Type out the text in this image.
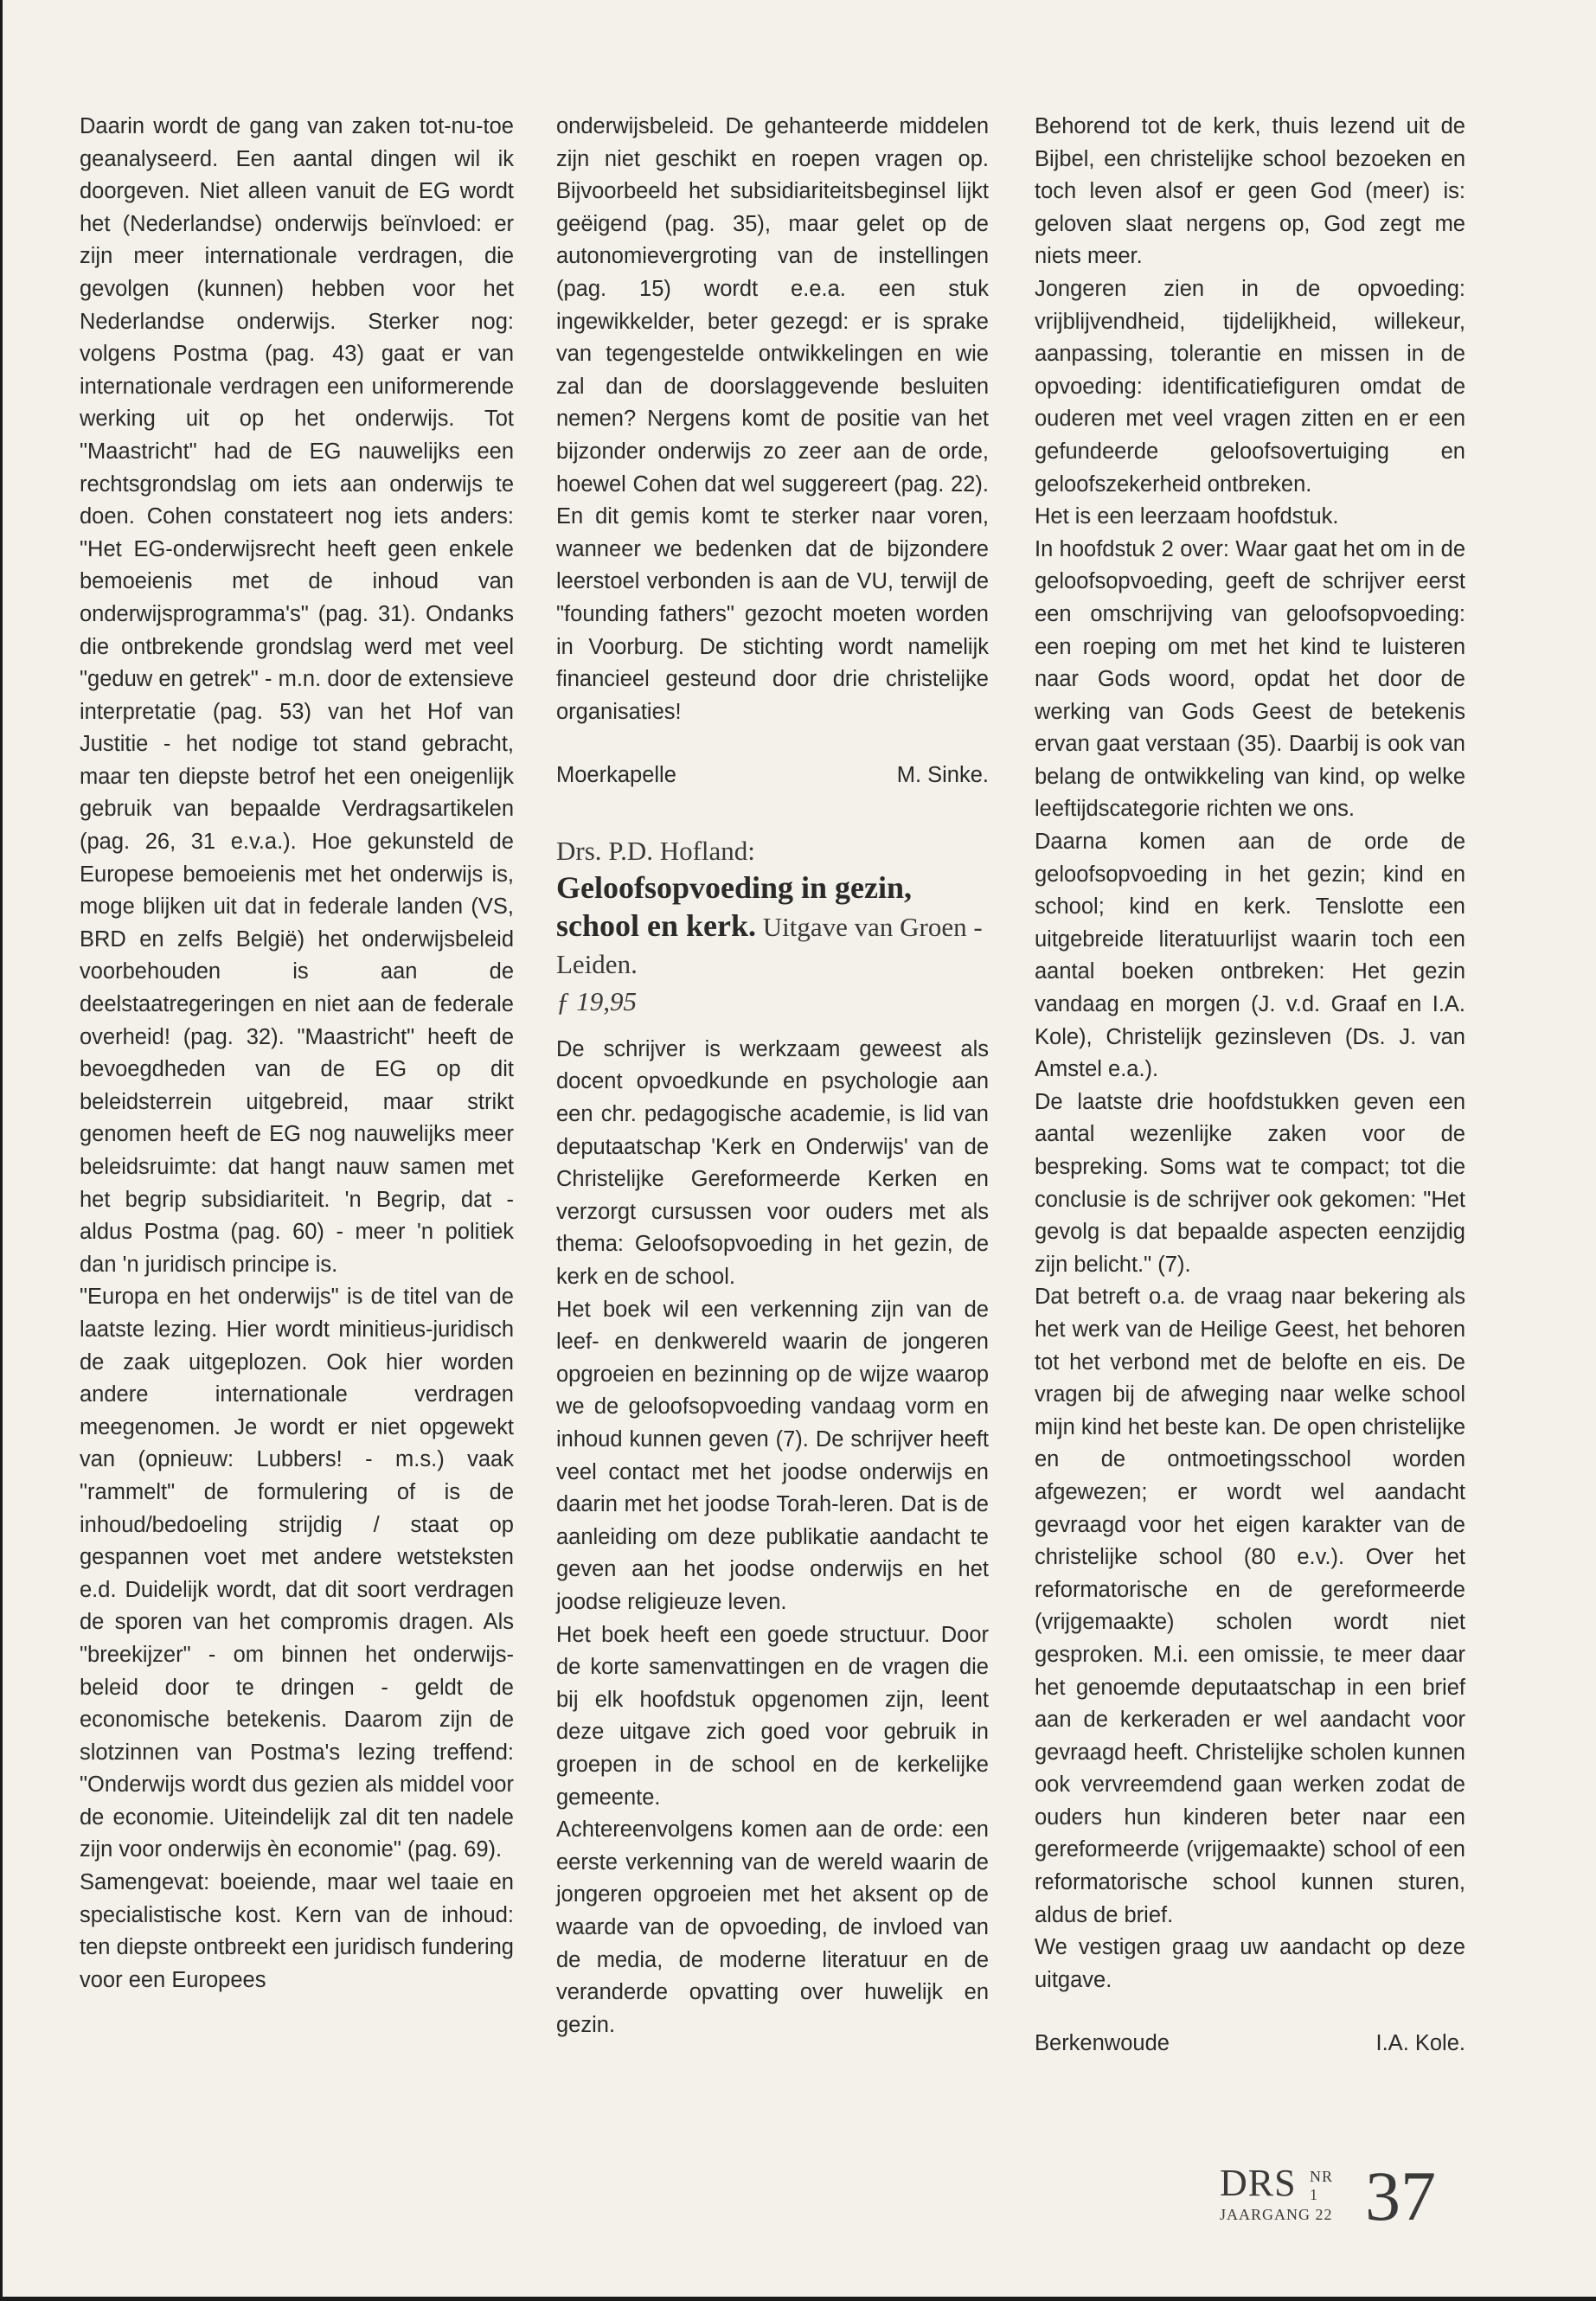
Daarin wordt de gang van zaken tot-nu-toe geanalyseerd. Een aantal dingen wil ik doorgeven. Niet alleen vanuit de EG wordt het (Nederlandse) onderwijs beïnvloed: er zijn meer internationale verdragen, die gevolgen (kunnen) hebben voor het Nederlandse onderwijs. Sterker nog: volgens Postma (pag. 43) gaat er van internationale verdragen een uniformerende werking uit op het onderwijs. Tot "Maastricht" had de EG nauwelijks een rechtsgrondslag om iets aan onderwijs te doen. Cohen constateert nog iets anders: "Het EG-onderwijsrecht heeft geen enkele bemoeienis met de inhoud van onderwijsprogramma's" (pag. 31). Ondanks die ontbrekende grondslag werd met veel "geduw en getrek" - m.n. door de extensieve interpretatie (pag. 53) van het Hof van Justitie - het nodige tot stand gebracht, maar ten diepste betrof het een oneigenlijk gebruik van bepaalde Verdragsartikelen (pag. 26, 31 e.v.a.). Hoe gekunsteld de Europese bemoeienis met het onderwijs is, moge blijken uit dat in federale landen (VS, BRD en zelfs België) het onderwijsbeleid voorbehouden is aan de deelstaatregeringen en niet aan de federale overheid! (pag. 32). "Maastricht" heeft de bevoegdheden van de EG op dit beleidsterrein uitgebreid, maar strikt genomen heeft de EG nog nauwelijks meer beleidsruimte: dat hangt nauw samen met het begrip subsidiariteit. 'n Begrip, dat - aldus Postma (pag. 60) - meer 'n politiek dan 'n juridisch principe is.

"Europa en het onderwijs" is de titel van de laatste lezing. Hier wordt minitieus-juridisch de zaak uitgeplozen. Ook hier worden andere internationale verdragen meegenomen. Je wordt er niet opgewekt van (opnieuw: Lubbers! - m.s.) vaak "rammelt" de formulering of is de inhoud/bedoeling strijdig / staat op gespannen voet met andere wetsteksten e.d. Duidelijk wordt, dat dit soort verdragen de sporen van het compromis dragen. Als "breekijzer" - om binnen het onderwijs-beleid door te dringen - geldt de economische betekenis. Daarom zijn de slotzinnen van Postma's lezing treffend: "Onderwijs wordt dus gezien als middel voor de economie. Uiteindelijk zal dit ten nadele zijn voor onderwijs èn economie" (pag. 69).

Samengevat: boeiende, maar wel taaie en specialistische kost. Kern van de inhoud: ten diepste ontbreekt een juridisch fundering voor een Europees

onderwijsbeleid. De gehanteerde middelen zijn niet geschikt en roepen vragen op. Bijvoorbeeld het subsidiariteitsbeginsel lijkt geëigend (pag. 35), maar gelet op de autonomievergroting van de instellingen (pag. 15) wordt e.e.a. een stuk ingewikkelder, beter gezegd: er is sprake van tegengestelde ontwikkelingen en wie zal dan de doorslaggevende besluiten nemen? Nergens komt de positie van het bijzonder onderwijs zo zeer aan de orde, hoewel Cohen dat wel suggereert (pag. 22). En dit gemis komt te sterker naar voren, wanneer we bedenken dat de bijzondere leerstoel verbonden is aan de VU, terwijl de "founding fathers" gezocht moeten worden in Voorburg. De stichting wordt namelijk financieel gesteund door drie christelijke organisaties!

Moerkapelle	M. Sinke.
Drs. P.D. Hofland: Geloofsopvoeding in gezin, school en kerk. Uitgave van Groen - Leiden.
ƒ 19,95

De schrijver is werkzaam geweest als docent opvoedkunde en psychologie aan een chr. pedagogische academie, is lid van deputaatschap 'Kerk en Onderwijs' van de Christelijke Gereformeerde Kerken en verzorgt cursussen voor ouders met als thema: Geloofsopvoeding in het gezin, de kerk en de school.

Het boek wil een verkenning zijn van de leef- en denkwereld waarin de jongeren opgroeien en bezinning op de wijze waarop we de geloofsopvoeding vandaag vorm en inhoud kunnen geven (7). De schrijver heeft veel contact met het joodse onderwijs en daarin met het joodse Torah-leren. Dat is de aanleiding om deze publikatie aandacht te geven aan het joodse onderwijs en het joodse religieuze leven.

Het boek heeft een goede structuur. Door de korte samenvattingen en de vragen die bij elk hoofdstuk opgenomen zijn, leent deze uitgave zich goed voor gebruik in groepen in de school en de kerkelijke gemeente.

Achtereenvolgens komen aan de orde: een eerste verkenning van de wereld waarin de jongeren opgroeien met het aksent op de waarde van de opvoeding, de invloed van de media, de moderne literatuur en de veranderde opvatting over huwelijk en gezin.

Behorend tot de kerk, thuis lezend uit de Bijbel, een christelijke school bezoeken en toch leven alsof er geen God (meer) is: geloven slaat nergens op, God zegt me niets meer.

Jongeren zien in de opvoeding: vrijblijvendheid, tijdelijkheid, willekeur, aanpassing, tolerantie en missen in de opvoeding: identificatiefiguren omdat de ouderen met veel vragen zitten en er een gefundeerde geloofsovertuiging en geloofszekerheid ontbreken.

Het is een leerzaam hoofdstuk.

In hoofdstuk 2 over: Waar gaat het om in de geloofsopvoeding, geeft de schrijver eerst een omschrijving van geloofsopvoeding: een roeping om met het kind te luisteren naar Gods woord, opdat het door de werking van Gods Geest de betekenis ervan gaat verstaan (35). Daarbij is ook van belang de ontwikkeling van kind, op welke leeftijdscategorie richten we ons.

Daarna komen aan de orde de geloofsopvoeding in het gezin; kind en school; kind en kerk. Tenslotte een uitgebreide literatuurlijst waarin toch een aantal boeken ontbreken: Het gezin vandaag en morgen (J. v.d. Graaf en I.A. Kole), Christelijk gezinsleven (Ds. J. van Amstel e.a.).

De laatste drie hoofdstukken geven een aantal wezenlijke zaken voor de bespreking. Soms wat te compact; tot die conclusie is de schrijver ook gekomen: "Het gevolg is dat bepaalde aspecten eenzijdig zijn belicht." (7).

Dat betreft o.a. de vraag naar bekering als het werk van de Heilige Geest, het behoren tot het verbond met de belofte en eis. De vragen bij de afweging naar welke school mijn kind het beste kan. De open christelijke en de ontmoetingsschool worden afgewezen; er wordt wel aandacht gevraagd voor het eigen karakter van de christelijke school (80 e.v.). Over het reformatorische en de gereformeerde (vrijgemaakte) scholen wordt niet gesproken. M.i. een omissie, te meer daar het genoemde deputaatschap in een brief aan de kerkeraden er wel aandacht voor gevraagd heeft. Christelijke scholen kunnen ook vervreemdend gaan werken zodat de ouders hun kinderen beter naar een gereformeerde (vrijgemaakte) school of een reformatorische school kunnen sturen, aldus de brief.

We vestigen graag uw aandacht op deze uitgave.

Berkenwoude	I.A. Kole.
DRS NR 1
JAARGANG 22 37
